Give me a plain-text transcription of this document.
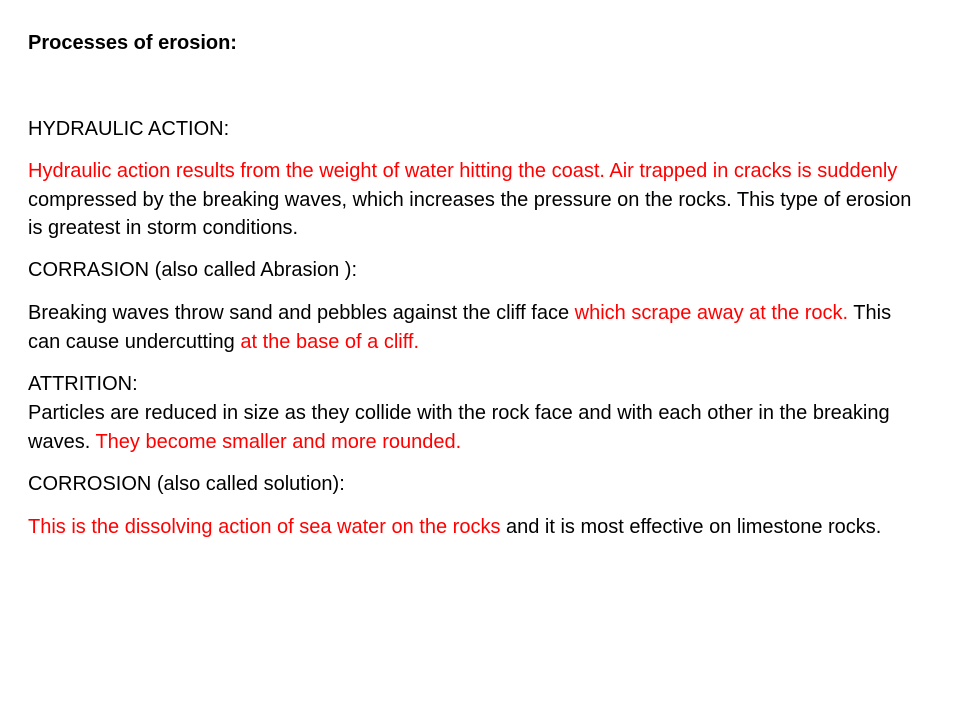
Processes of erosion:

HYDRAULIC ACTION:

Hydraulic action results from the weight of water hitting the coast. Air trapped in cracks is suddenly compressed by the breaking waves, which increases the pressure on the rocks. This type of erosion is greatest in storm conditions.

CORRASION (also called Abrasion ):

Breaking waves throw sand and pebbles against the cliff face which scrape away at the rock. This can cause undercutting at the base of a cliff.

ATTRITION:

Particles are reduced in size as they collide with the rock face and with each other in the breaking waves. They become smaller and more rounded.

CORROSION (also called solution):

This is the dissolving action of sea water on the rocks and it is most effective on limestone rocks.
